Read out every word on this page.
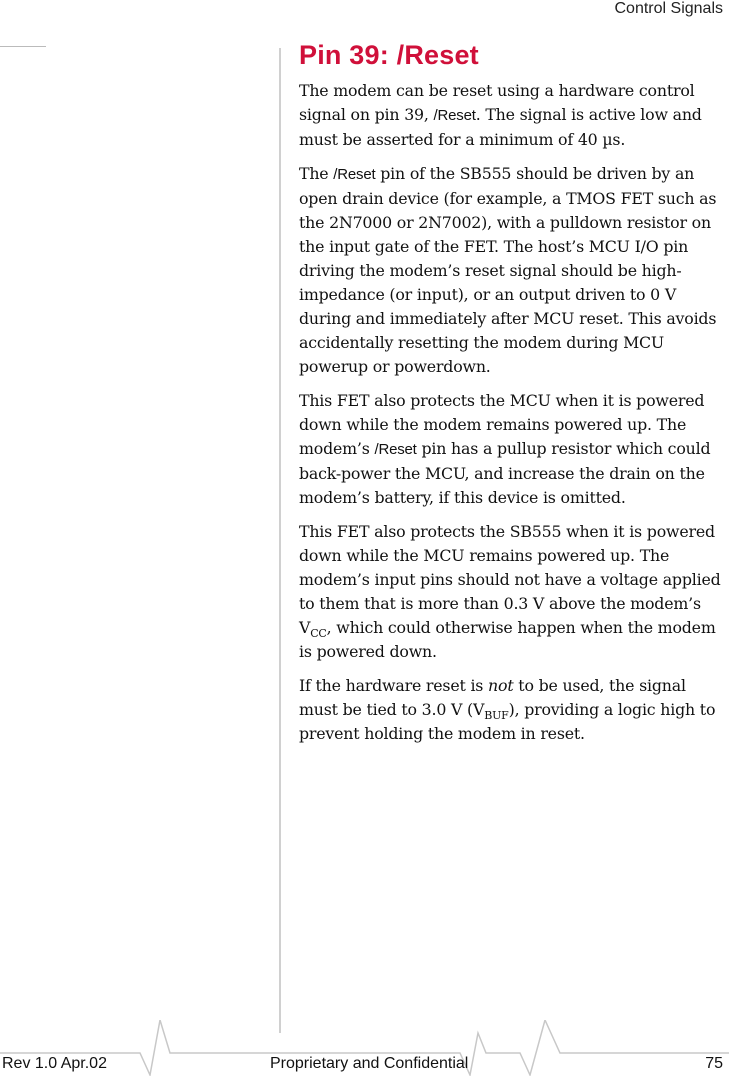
Control Signals
Pin 39: /Reset

The modem can be reset using a hardware control signal on pin 39, /Reset. The signal is active low and must be asserted for a minimum of 40 µs.

The /Reset pin of the SB555 should be driven by an open drain device (for example, a TMOS FET such as the 2N7000 or 2N7002), with a pulldown resistor on the input gate of the FET. The host’s MCU I/O pin driving the modem’s reset signal should be high-impedance (or input), or an output driven to 0 V during and immediately after MCU reset. This avoids accidentally resetting the modem during MCU powerup or powerdown.

This FET also protects the MCU when it is powered down while the modem remains powered up. The modem’s /Reset pin has a pullup resistor which could back-power the MCU, and increase the drain on the modem’s battery, if this device is omitted.

This FET also protects the SB555 when it is powered down while the MCU remains powered up. The modem’s input pins should not have a voltage applied to them that is more than 0.3 V above the modem’s $V_{CC}$, which could otherwise happen when the modem is powered down.

If the hardware reset is not to be used, the signal must be tied to 3.0 V $(V_{BUF})$, providing a logic high to prevent holding the modem in reset.

Rev 1.0 Apr.02	Proprietary and Confidential	75
